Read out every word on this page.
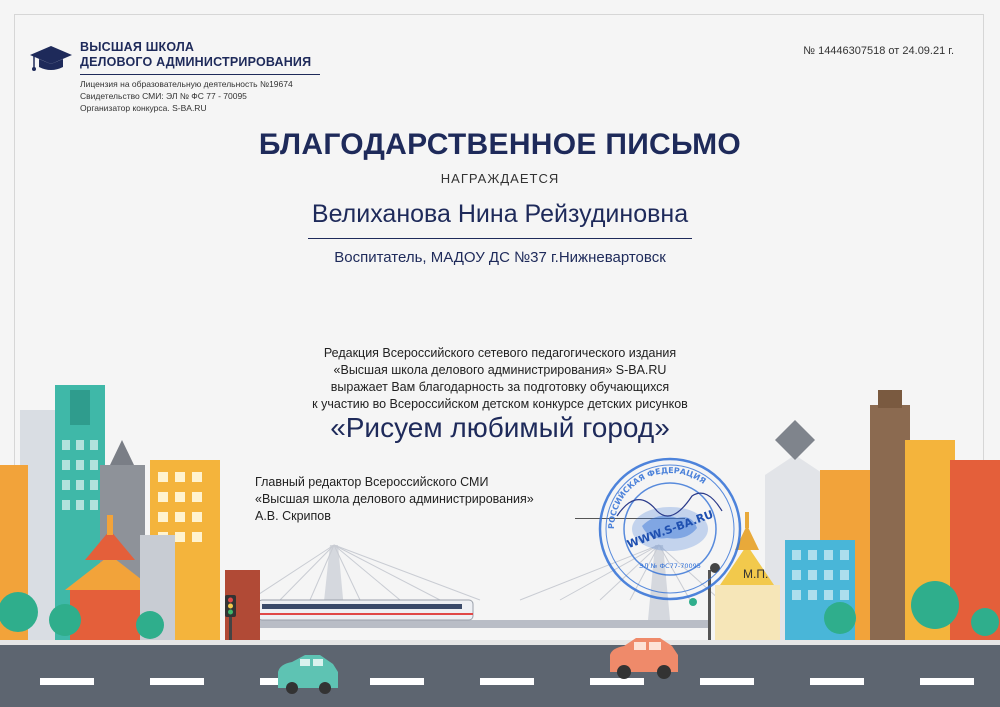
ВЫСШАЯ ШКОЛА
ДЕЛОВОГО АДМИНИСТРИРОВАНИЯ
Лицензия на образовательную деятельность №19674
Свидетельство СМИ: ЭЛ № ФС 77 - 70095
Организатор конкурса. S-BA.RU
№ 14446307518 от 24.09.21 г.
БЛАГОДАРСТВЕННОЕ ПИСЬМО
НАГРАЖДАЕТСЯ
Велиханова Нина Рейзудиновна
Воспитатель, МАДОУ ДС №37 г.Нижневартовск
Редакция Всероссийского сетевого педагогического издания
«Высшая школа делового администрирования» S-BA.RU
выражает Вам благодарность за подготовку обучающихся
к участию во Всероссийском детском конкурсе детских рисунков
«Рисуем любимый город»
Главный редактор Всероссийского СМИ
«Высшая школа делового администрирования»
А.В. Скрипов
РОССИЙСКАЯ ФЕДЕРАЦИЯ
WWW.S-BA.RU
ЭЛ № ФС77-70095
М.П.
